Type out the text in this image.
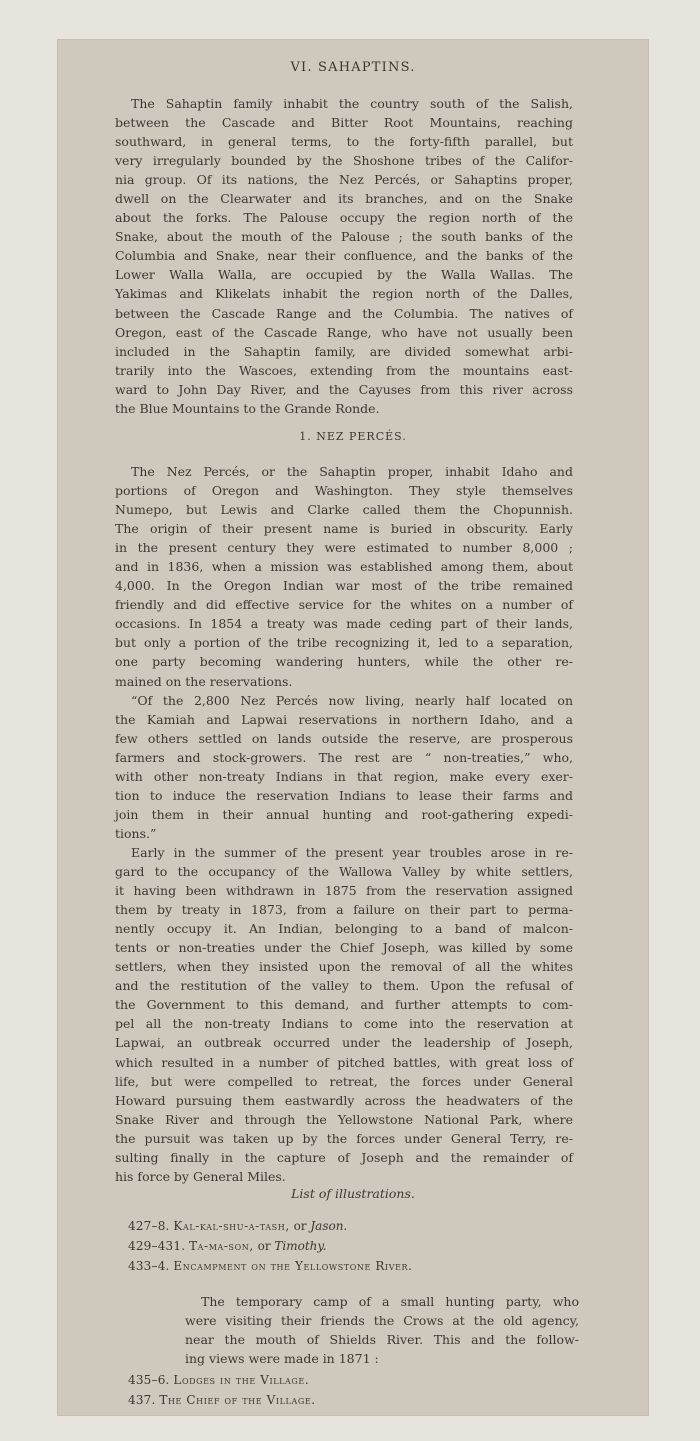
VI. SAHAPTINS.
The Sahaptin family inhabit the country south of the Salish,
between the Cascade and Bitter Root Mountains, reaching
southward, in general terms, to the forty-fifth parallel, but
very irregularly bounded by the Shoshone tribes of the Califor-
nia group. Of its nations, the Nez Percés, or Sahaptins proper,
dwell on the Clearwater and its branches, and on the Snake
about the forks. The Palouse occupy the region north of the
Snake, about the mouth of the Palouse ; the south banks of the
Columbia and Snake, near their confluence, and the banks of the
Lower Walla Walla, are occupied by the Walla Wallas. The
Yakimas and Klikelats inhabit the region north of the Dalles,
between the Cascade Range and the Columbia. The natives of
Oregon, east of the Cascade Range, who have not usually been
included in the Sahaptin family, are divided somewhat arbi-
trarily into the Wascoes, extending from the mountains east-
ward to John Day River, and the Cayuses from this river across
the Blue Mountains to the Grande Ronde.
1. NEZ PERCÉS.
The Nez Percés, or the Sahaptin proper, inhabit Idaho and
portions of Oregon and Washington. They style themselves
Numepo, but Lewis and Clarke called them the Chopunnish.
The origin of their present name is buried in obscurity. Early
in the present century they were estimated to number 8,000 ;
and in 1836, when a mission was established among them, about
4,000. In the Oregon Indian war most of the tribe remained
friendly and did effective service for the whites on a number of
occasions. In 1854 a treaty was made ceding part of their lands,
but only a portion of the tribe recognizing it, led to a separation,
one party becoming wandering hunters, while the other re-
mained on the reservations.
“Of the 2,800 Nez Percés now living, nearly half located on
the Kamiah and Lapwai reservations in northern Idaho, and a
few others settled on lands outside the reserve, are prosperous
farmers and stock-growers. The rest are “ non-treaties,” who,
with other non-treaty Indians in that region, make every exer-
tion to induce the reservation Indians to lease their farms and
join them in their annual hunting and root-gathering expedi-
tions.”
Early in the summer of the present year troubles arose in re-
gard to the occupancy of the Wallowa Valley by white settlers,
it having been withdrawn in 1875 from the reservation assigned
them by treaty in 1873, from a failure on their part to perma-
nently occupy it. An Indian, belonging to a band of malcon-
tents or non-treaties under the Chief Joseph, was killed by some
settlers, when they insisted upon the removal of all the whites
and the restitution of the valley to them. Upon the refusal of
the Government to this demand, and further attempts to com-
pel all the non-treaty Indians to come into the reservation at
Lapwai, an outbreak occurred under the leadership of Joseph,
which resulted in a number of pitched battles, with great loss of
life, but were compelled to retreat, the forces under General
Howard pursuing them eastwardly across the headwaters of the
Snake River and through the Yellowstone National Park, where
the pursuit was taken up by the forces under General Terry, re-
sulting finally in the capture of Joseph and the remainder of
his force by General Miles.
List of illustrations.
427–8. Kal-kal-shu-a-tash, or Jason.
429–431. Ta-ma-son, or Timothy.
433–4. Encampment on the Yellowstone River.
The temporary camp of a small hunting party, who
were visiting their friends the Crows at the old agency,
near the mouth of Shields River. This and the follow-
ing views were made in 1871 :
435–6. Lodges in the Village.
437. The Chief of the Village.
